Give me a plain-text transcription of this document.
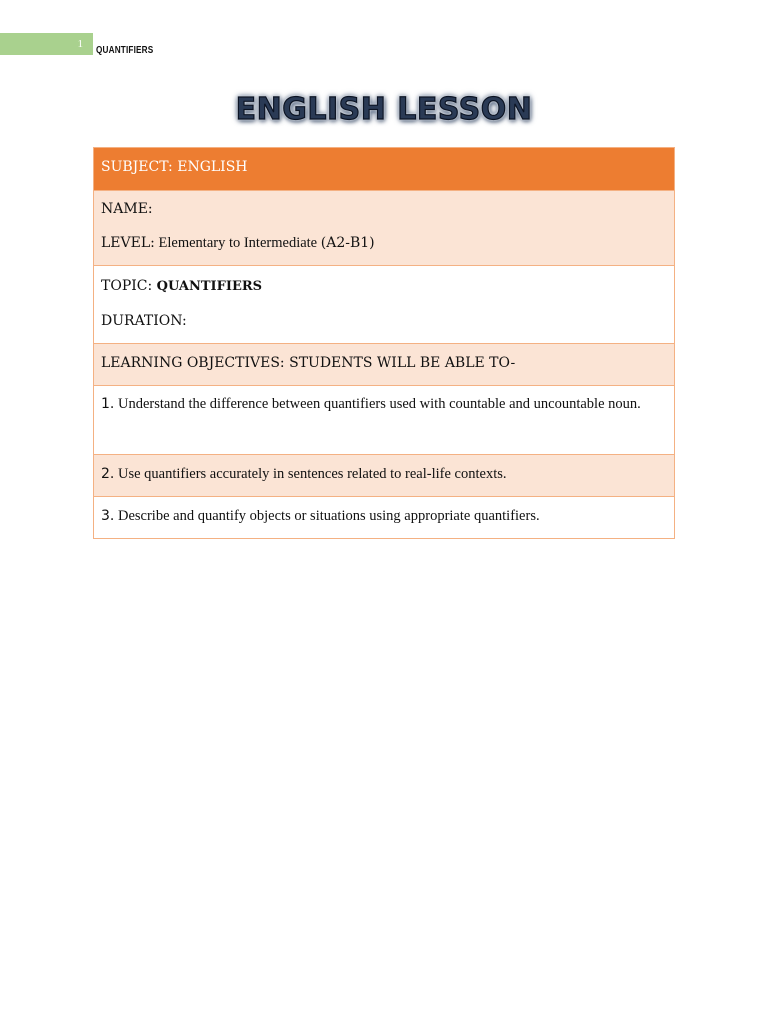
1
QUANTIFIERS
ENGLISH LESSON
SUBJECT: ENGLISH
NAME:
LEVEL: Elementary to Intermediate (A2-B1)
TOPIC: QUANTIFIERS
DURATION:
LEARNING OBJECTIVES: STUDENTS WILL BE ABLE TO-
1. Understand the difference between quantifiers used with countable and uncountable noun.
2. Use quantifiers accurately in sentences related to real-life contexts.
3. Describe and quantify objects or situations using appropriate quantifiers.
